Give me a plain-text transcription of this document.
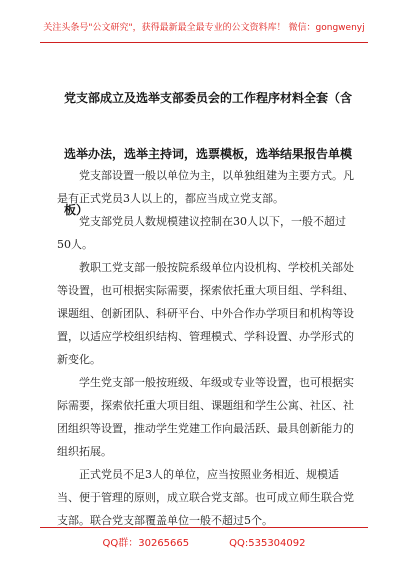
关注头条号"公文研究"，获得最新最全最专业的公文资料库！ 微信：gongwenyj
党支部成立及选举支部委员会的工作程序材料全套（含选举办法，选举主持词，选票模板，选举结果报告单模板）

党支部设置一般以单位为主，以单独组建为主要方式。凡是有正式党员3人以上的，都应当成立党支部。

党支部党员人数规模建议控制在30人以下，一般不超过50人。

教职工党支部一般按院系级单位内设机构、学校机关部处等设置，也可根据实际需要，探索依托重大项目组、学科组、课题组、创新团队、科研平台、中外合作办学项目和机构等设置，以适应学校组织结构、管理模式、学科设置、办学形式的新变化。

学生党支部一般按班级、年级或专业等设置，也可根据实际需要，探索依托重大项目组、课题组和学生公寓、社区、社团组织等设置，推动学生党建工作向最活跃、最具创新能力的组织拓展。

正式党员不足3人的单位，应当按照业务相近、规模适当、便于管理的原则，成立联合党支部。也可成立师生联合党支部。联合党支部覆盖单位一般不超过5个。

QQ群：30265665	QQ:535304092
